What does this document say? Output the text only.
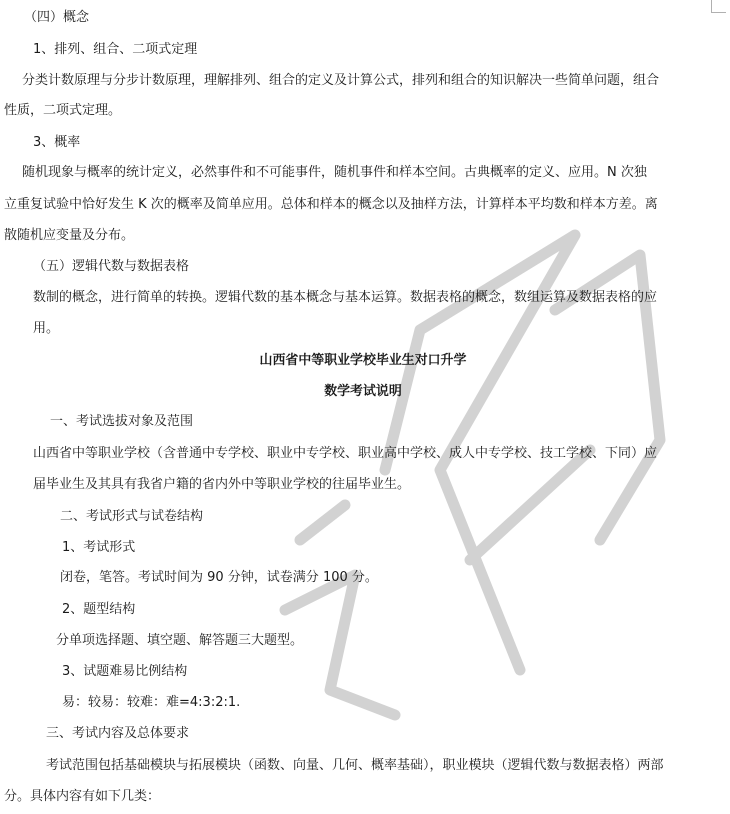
（四）概念
1、排列、组合、二项式定理
分类计数原理与分步计数原理，理解排列、组合的定义及计算公式，排列和组合的知识解决一些简单问题，组合
性质，二项式定理。
3、概率
随机现象与概率的统计定义，必然事件和不可能事件，随机事件和样本空间。古典概率的定义、应用。N 次独
立重复试验中恰好发生 K 次的概率及简单应用。总体和样本的概念以及抽样方法，计算样本平均数和样本方差。离
散随机应变量及分布。
（五）逻辑代数与数据表格
数制的概念，进行简单的转换。逻辑代数的基本概念与基本运算。数据表格的概念，数组运算及数据表格的应
用。
山西省中等职业学校毕业生对口升学
数学考试说明
一、考试选拔对象及范围
山西省中等职业学校（含普通中专学校、职业中专学校、职业高中学校、成人中专学校、技工学校、下同）应
届毕业生及其具有我省户籍的省内外中等职业学校的往届毕业生。
二、考试形式与试卷结构
1、考试形式
闭卷，笔答。考试时间为 90 分钟，试卷满分 100 分。
2、题型结构
分单项选择题、填空题、解答题三大题型。
3、试题难易比例结构
易：较易：较难：难=4:3:2:1.
三、考试内容及总体要求
考试范围包括基础模块与拓展模块（函数、向量、几何、概率基础），职业模块（逻辑代数与数据表格）两部
分。具体内容有如下几类：
